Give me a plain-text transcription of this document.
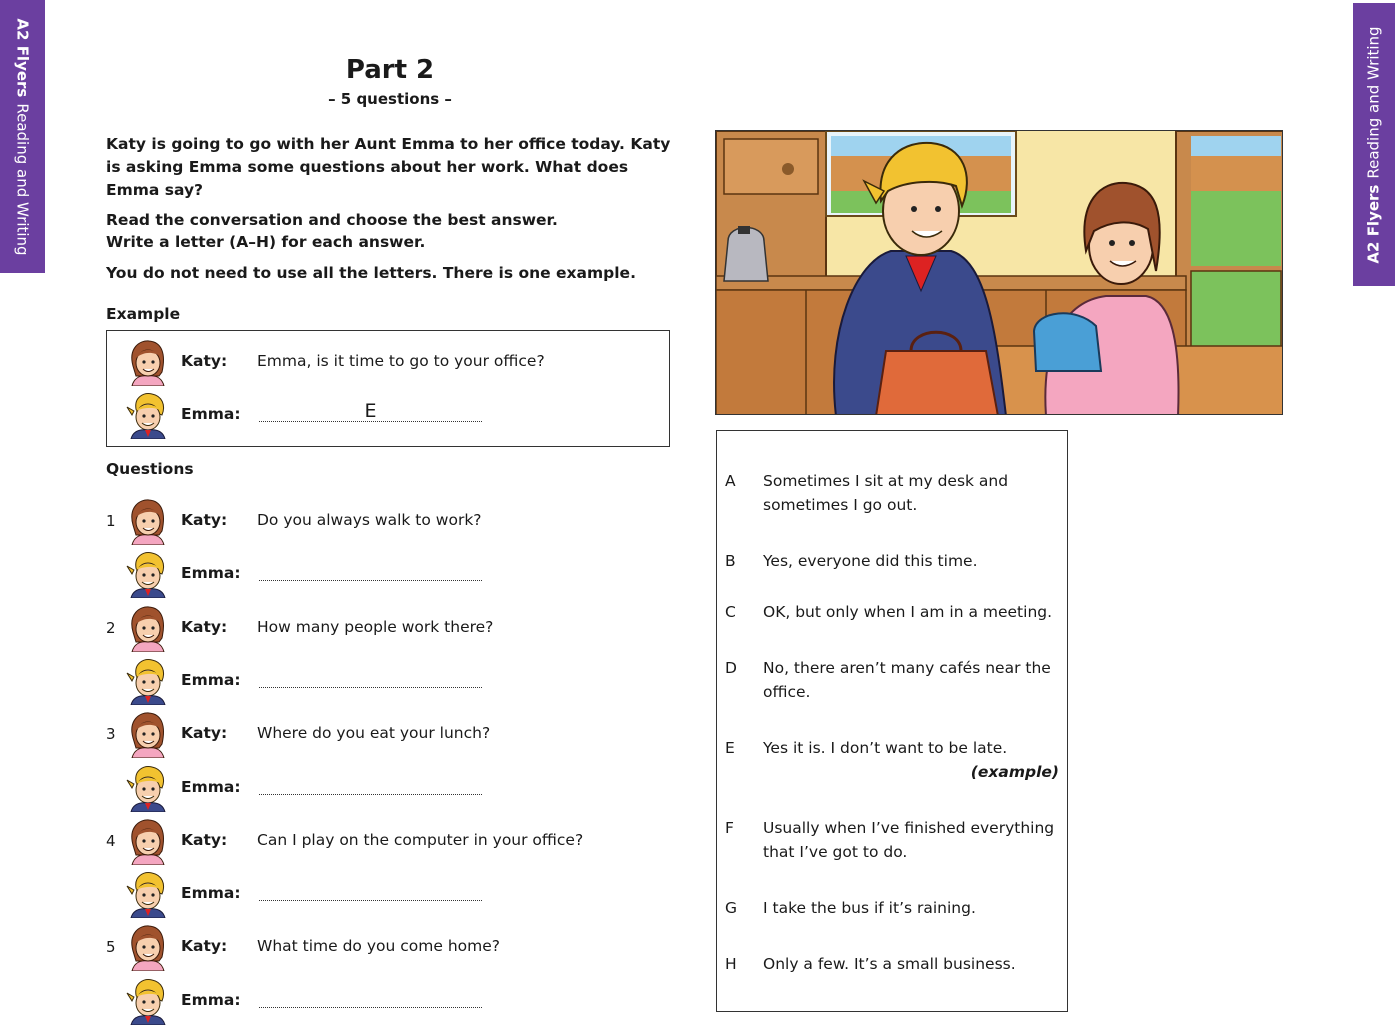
A2 FlyersReading and Writing	A2 FlyersReading and Writing
Part 2
– 5 questions –
Katy is going to go with her Aunt Emma to her office today. Katy is asking Emma some questions about her work. What does Emma say?
Read the conversation and choose the best answer.
Write a letter (A–H) for each answer.
You do not need to use all the letters. There is one example.
Example
Katy: Emma, is it time to go to your office?
Emma:	E
Questions
1	Katy: Do you always walk to work?
Emma:
2	Katy: How many people work there?
Emma:
3	Katy: Where do you eat your lunch?
Emma:
4	Katy: Can I play on the computer in your office?
Emma:
5	Katy: What time do you come home?
Emma:
A Sometimes I sit at my desk and sometimes I go out.
B Yes, everyone did this time.
C OK, but only when I am in a meeting.
D No, there aren’t many cafés near the office.
E Yes it is. I don’t want to be late.
(example)
F Usually when I’ve finished everything that I’ve got to do.
G I take the bus if it’s raining.
H Only a few. It’s a small business.
